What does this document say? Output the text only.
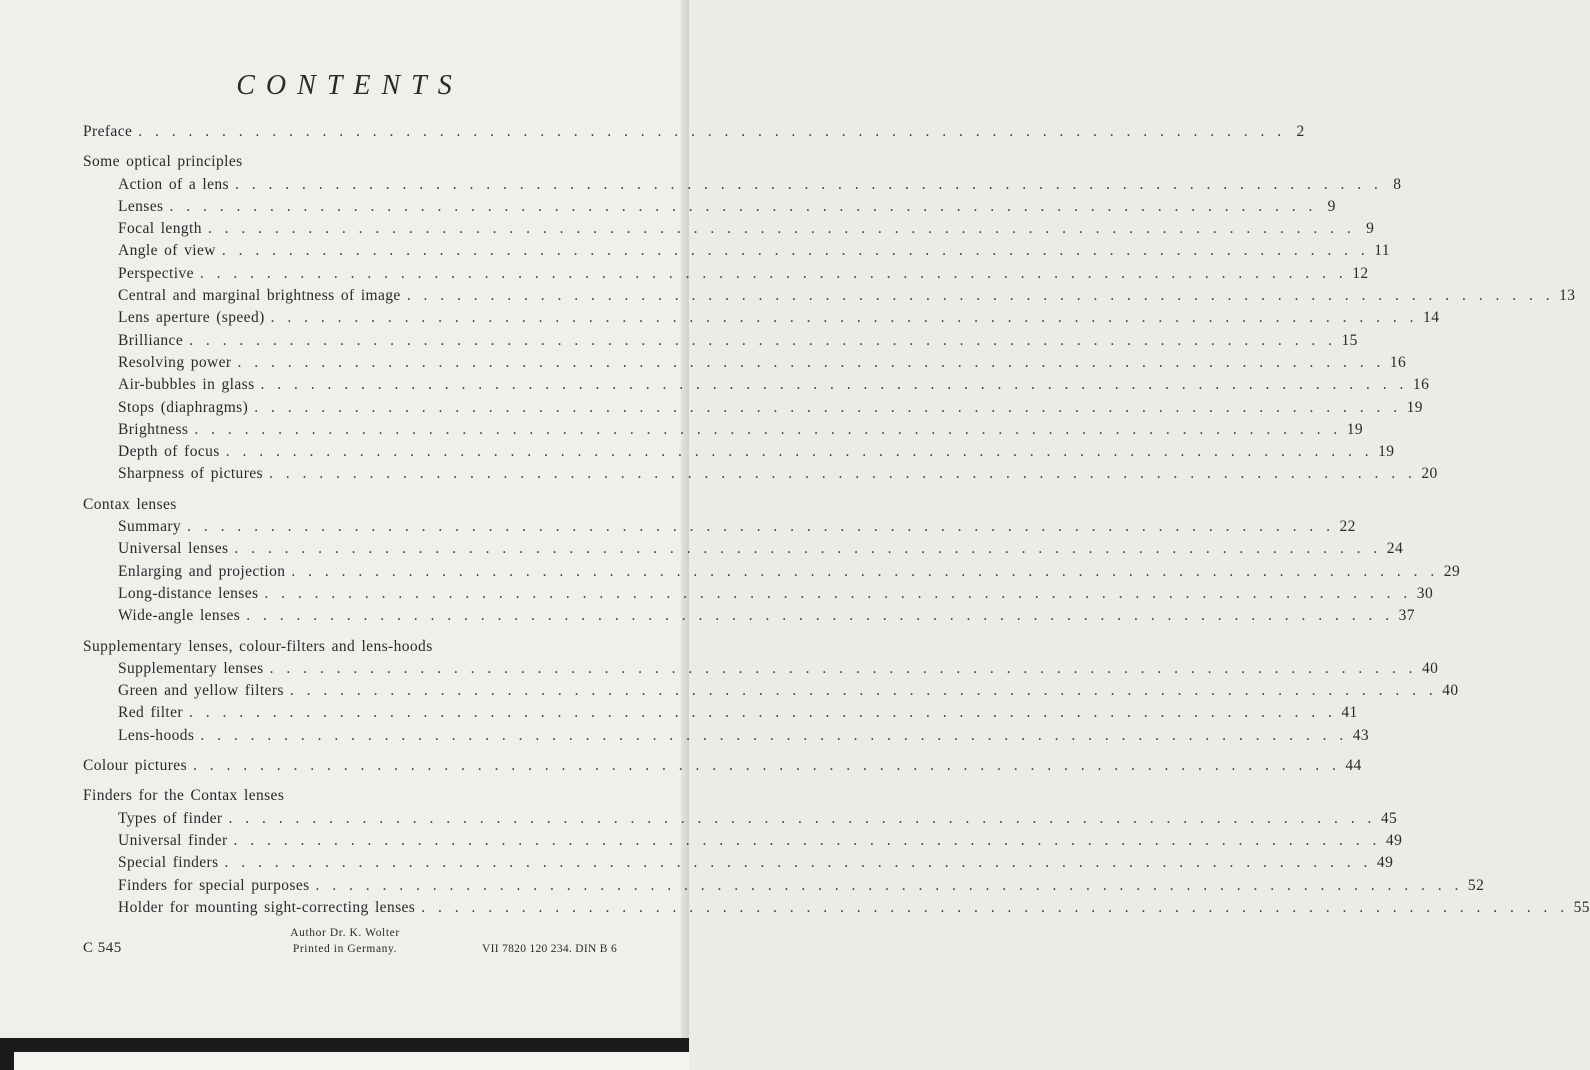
CONTENTS
Preface . . . . . . . . . . . . . . . . . . . . . . . . . . . . . . . . . . . . . . . . . . . . . . . . . . . . . . . . . . . . . . . . . . . . . 2
Some optical principles
Action of a lens . . . . . . . . . . . . . . . . . . . . . . . . . . . . . . . . . . . . . . . . . . . . . . . . . . . . . . . . . . . . . . . . . . . . . 8
Lenses . . . . . . . . . . . . . . . . . . . . . . . . . . . . . . . . . . . . . . . . . . . . . . . . . . . . . . . . . . . . . . . . . . . . . 9
Focal length . . . . . . . . . . . . . . . . . . . . . . . . . . . . . . . . . . . . . . . . . . . . . . . . . . . . . . . . . . . . . . . . . . . . . 9
Angle of view . . . . . . . . . . . . . . . . . . . . . . . . . . . . . . . . . . . . . . . . . . . . . . . . . . . . . . . . . . . . . . . . . . . . . 11
Perspective . . . . . . . . . . . . . . . . . . . . . . . . . . . . . . . . . . . . . . . . . . . . . . . . . . . . . . . . . . . . . . . . . . . . . 12
Central and marginal brightness of image . . . . . . . . . . . . . . . . . . . . . . . . . . . . . . . . . . . . . . . . . . . . . . . . . . . . . . . . . . . . . . . . . . . . . 13
Lens aperture (speed) . . . . . . . . . . . . . . . . . . . . . . . . . . . . . . . . . . . . . . . . . . . . . . . . . . . . . . . . . . . . . . . . . . . . . 14
Brilliance . . . . . . . . . . . . . . . . . . . . . . . . . . . . . . . . . . . . . . . . . . . . . . . . . . . . . . . . . . . . . . . . . . . . . 15
Resolving power . . . . . . . . . . . . . . . . . . . . . . . . . . . . . . . . . . . . . . . . . . . . . . . . . . . . . . . . . . . . . . . . . . . . . 16
Air-bubbles in glass . . . . . . . . . . . . . . . . . . . . . . . . . . . . . . . . . . . . . . . . . . . . . . . . . . . . . . . . . . . . . . . . . . . . . 16
Stops (diaphragms) . . . . . . . . . . . . . . . . . . . . . . . . . . . . . . . . . . . . . . . . . . . . . . . . . . . . . . . . . . . . . . . . . . . . . 19
Brightness . . . . . . . . . . . . . . . . . . . . . . . . . . . . . . . . . . . . . . . . . . . . . . . . . . . . . . . . . . . . . . . . . . . . . 19
Depth of focus . . . . . . . . . . . . . . . . . . . . . . . . . . . . . . . . . . . . . . . . . . . . . . . . . . . . . . . . . . . . . . . . . . . . . 19
Sharpness of pictures . . . . . . . . . . . . . . . . . . . . . . . . . . . . . . . . . . . . . . . . . . . . . . . . . . . . . . . . . . . . . . . . . . . . . 20
Contax lenses
Summary . . . . . . . . . . . . . . . . . . . . . . . . . . . . . . . . . . . . . . . . . . . . . . . . . . . . . . . . . . . . . . . . . . . . . 22
Universal lenses . . . . . . . . . . . . . . . . . . . . . . . . . . . . . . . . . . . . . . . . . . . . . . . . . . . . . . . . . . . . . . . . . . . . . 24
Enlarging and projection . . . . . . . . . . . . . . . . . . . . . . . . . . . . . . . . . . . . . . . . . . . . . . . . . . . . . . . . . . . . . . . . . . . . . 29
Long-distance lenses . . . . . . . . . . . . . . . . . . . . . . . . . . . . . . . . . . . . . . . . . . . . . . . . . . . . . . . . . . . . . . . . . . . . . 30
Wide-angle lenses . . . . . . . . . . . . . . . . . . . . . . . . . . . . . . . . . . . . . . . . . . . . . . . . . . . . . . . . . . . . . . . . . . . . . 37
Supplementary lenses, colour-filters and lens-hoods
Supplementary lenses . . . . . . . . . . . . . . . . . . . . . . . . . . . . . . . . . . . . . . . . . . . . . . . . . . . . . . . . . . . . . . . . . . . . . 40
Green and yellow filters . . . . . . . . . . . . . . . . . . . . . . . . . . . . . . . . . . . . . . . . . . . . . . . . . . . . . . . . . . . . . . . . . . . . . 40
Red filter . . . . . . . . . . . . . . . . . . . . . . . . . . . . . . . . . . . . . . . . . . . . . . . . . . . . . . . . . . . . . . . . . . . . . 41
Lens-hoods . . . . . . . . . . . . . . . . . . . . . . . . . . . . . . . . . . . . . . . . . . . . . . . . . . . . . . . . . . . . . . . . . . . . . 43
Colour pictures . . . . . . . . . . . . . . . . . . . . . . . . . . . . . . . . . . . . . . . . . . . . . . . . . . . . . . . . . . . . . . . . . . . . . 44
Finders for the Contax lenses
Types of finder . . . . . . . . . . . . . . . . . . . . . . . . . . . . . . . . . . . . . . . . . . . . . . . . . . . . . . . . . . . . . . . . . . . . . 45
Universal finder . . . . . . . . . . . . . . . . . . . . . . . . . . . . . . . . . . . . . . . . . . . . . . . . . . . . . . . . . . . . . . . . . . . . . 49
Special finders . . . . . . . . . . . . . . . . . . . . . . . . . . . . . . . . . . . . . . . . . . . . . . . . . . . . . . . . . . . . . . . . . . . . . 49
Finders for special purposes . . . . . . . . . . . . . . . . . . . . . . . . . . . . . . . . . . . . . . . . . . . . . . . . . . . . . . . . . . . . . . . . . . . . . 52
Holder for mounting sight-correcting lenses . . . . . . . . . . . . . . . . . . . . . . . . . . . . . . . . . . . . . . . . . . . . . . . . . . . . . . . . . . . . . . . . . . . . . 55
C 545
Author Dr. K. Wolter
Printed in Germany.	VII 7820 120 234. DIN B 6
